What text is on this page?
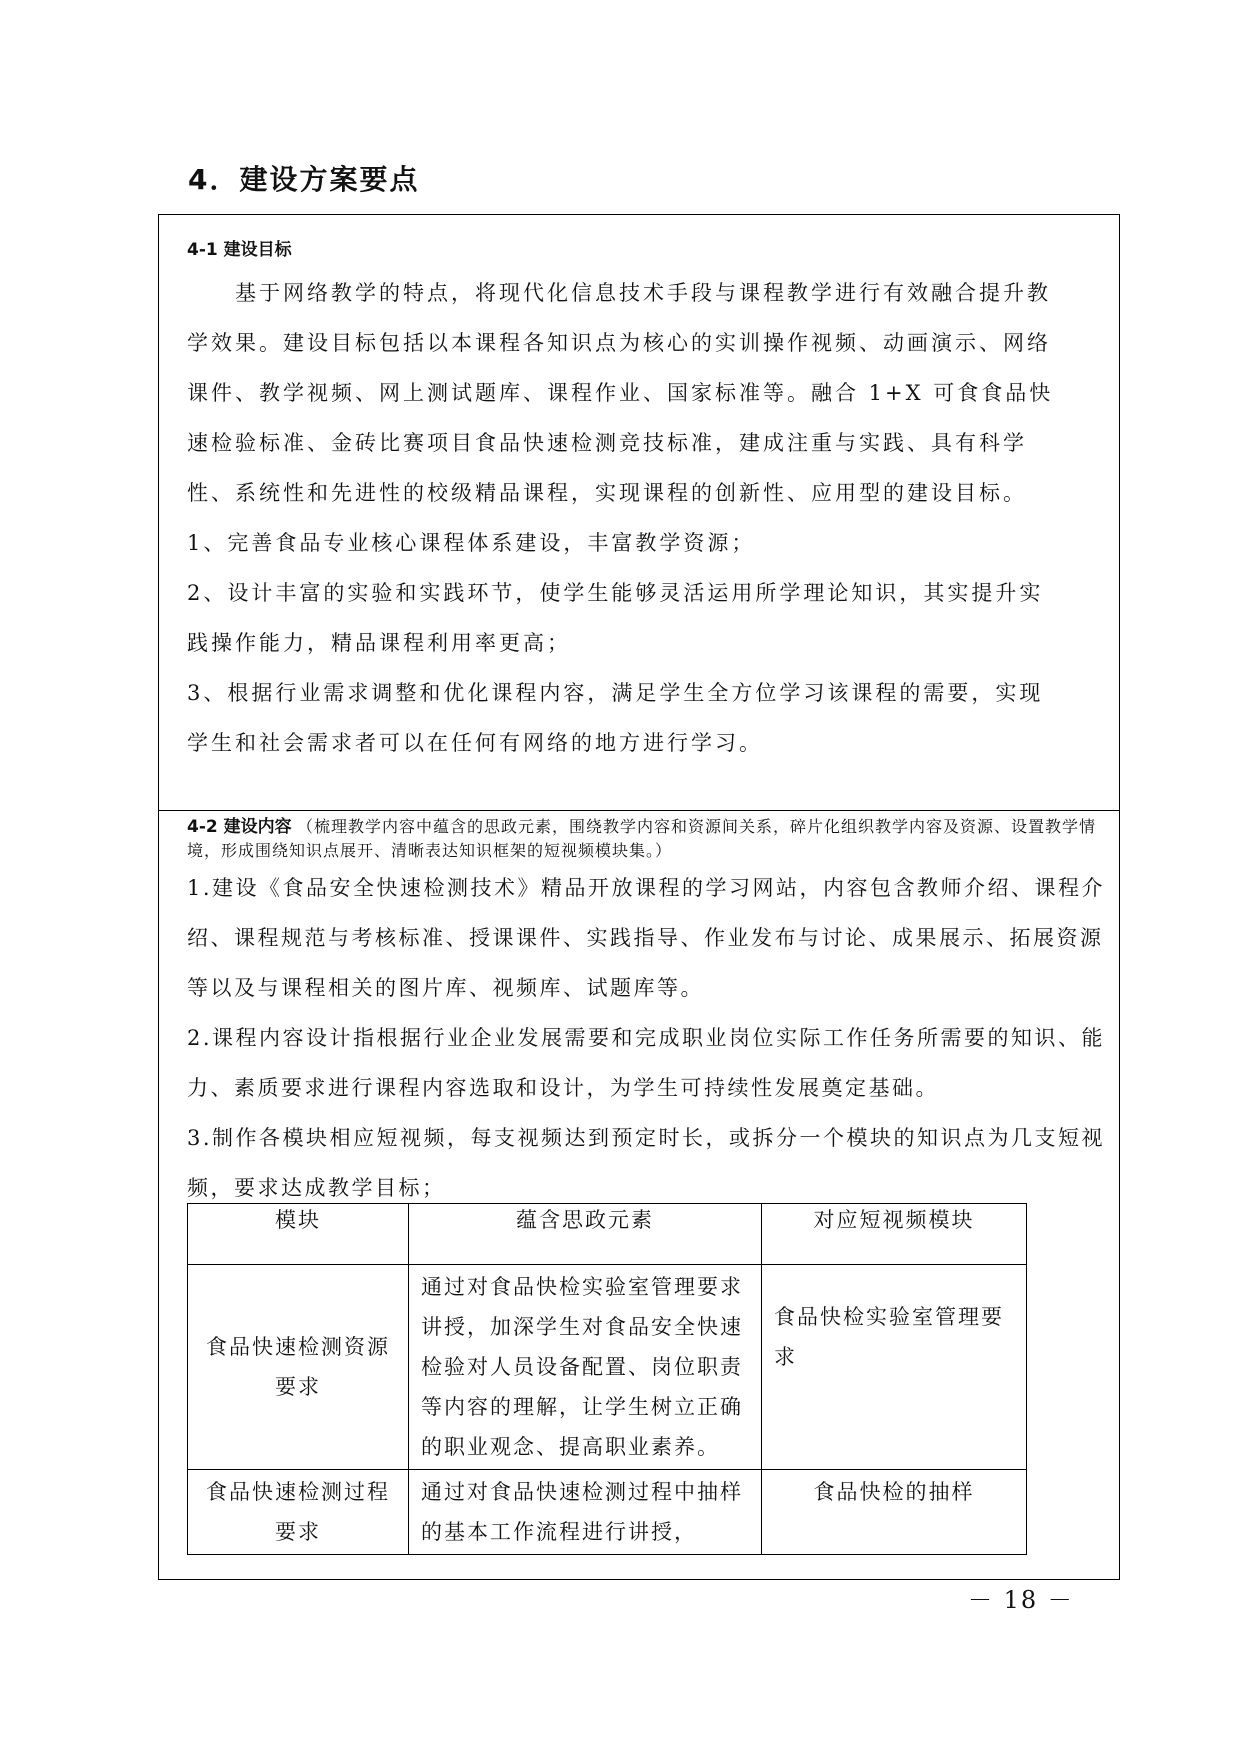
4．建设方案要点
4-1 建设目标

基于网络教学的特点，将现代化信息技术手段与课程教学进行有效融合提升教学效果。建设目标包括以本课程各知识点为核心的实训操作视频、动画演示、网络课件、教学视频、网上测试题库、课程作业、国家标准等。融合 1+X 可食食品快速检验标准、金砖比赛项目食品快速检测竞技标准，建成注重与实践、具有科学性、系统性和先进性的校级精品课程，实现课程的创新性、应用型的建设目标。

1、完善食品专业核心课程体系建设，丰富教学资源；

2、设计丰富的实验和实践环节，使学生能够灵活运用所学理论知识，其实提升实践操作能力，精品课程利用率更高；

3、根据行业需求调整和优化课程内容，满足学生全方位学习该课程的需要，实现学生和社会需求者可以在任何有网络的地方进行学习。

4-2 建设内容 （梳理教学内容中蕴含的思政元素，围绕教学内容和资源间关系，碎片化组织教学内容及资源、设置教学情境，形成围绕知识点展开、清晰表达知识框架的短视频模块集。）

1.建设《食品安全快速检测技术》精品开放课程的学习网站，内容包含教师介绍、课程介绍、课程规范与考核标准、授课课件、实践指导、作业发布与讨论、成果展示、拓展资源等以及与课程相关的图片库、视频库、试题库等。

2.课程内容设计指根据行业企业发展需要和完成职业岗位实际工作任务所需要的知识、能力、素质要求进行课程内容选取和设计，为学生可持续性发展奠定基础。

3.制作各模块相应短视频，每支视频达到预定时长，或拆分一个模块的知识点为几支短视频，要求达成教学目标；

模块	蕴含思政元素	对应短视频模块
食品快速检测资源要求	通过对食品快检实验室管理要求讲授，加深学生对食品安全快速检验对人员设备配置、岗位职责等内容的理解，让学生树立正确的职业观念、提高职业素养。	食品快检实验室管理要求
食品快速检测过程要求	通过对食品快速检测过程中抽样的基本工作流程进行讲授，	食品快检的抽样
－ 18 －
